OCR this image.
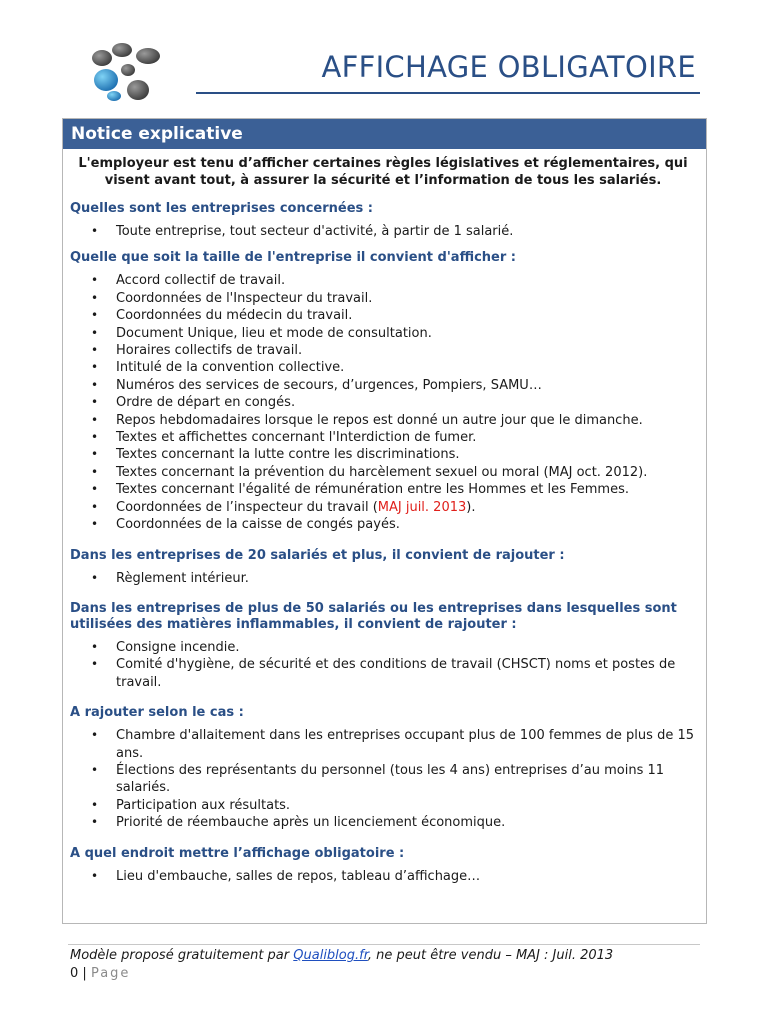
AFFICHAGE OBLIGATOIRE
Notice explicative

L'employeur est tenu d’afficher certaines règles législatives et réglementaires, qui visent avant tout, à assurer la sécurité et l’information de tous les salariés.

Quelles sont les entreprises concernées :
• Toute entreprise, tout secteur d'activité, à partir de 1 salarié.
Quelle que soit la taille de l'entreprise il convient d'afficher :
• Accord collectif de travail.
• Coordonnées de l'Inspecteur du travail.
• Coordonnées du médecin du travail.
• Document Unique, lieu et mode de consultation.
• Horaires collectifs de travail.
• Intitulé de la convention collective.
• Numéros des services de secours, d’urgences, Pompiers, SAMU…
• Ordre de départ en congés.
• Repos hebdomadaires lorsque le repos est donné un autre jour que le dimanche.
• Textes et affichettes concernant l'Interdiction de fumer.
• Textes concernant la lutte contre les discriminations.
• Textes concernant la prévention du harcèlement sexuel ou moral (MAJ oct. 2012).
• Textes concernant l'égalité de rémunération entre les Hommes et les Femmes.
• Coordonnées de l’inspecteur du travail (MAJ juil. 2013).
• Coordonnées de la caisse de congés payés.
Dans les entreprises de 20 salariés et plus, il convient de rajouter :
• Règlement intérieur.
Dans les entreprises de plus de 50 salariés ou les entreprises dans lesquelles sont utilisées des matières inflammables, il convient de rajouter :
• Consigne incendie.
• Comité d'hygiène, de sécurité et des conditions de travail (CHSCT) noms et postes de travail.
A rajouter selon le cas :
• Chambre d'allaitement dans les entreprises occupant plus de 100 femmes de plus de 15 ans.
• Élections des représentants du personnel (tous les 4 ans) entreprises d’au moins 11 salariés.
• Participation aux résultats.
• Priorité de réembauche après un licenciement économique.
A quel endroit mettre l’affichage obligatoire :
• Lieu d'embauche, salles de repos, tableau d’affichage…
Modèle proposé gratuitement par Qualiblog.fr, ne peut être vendu – MAJ : Juil. 2013
0 | Page
